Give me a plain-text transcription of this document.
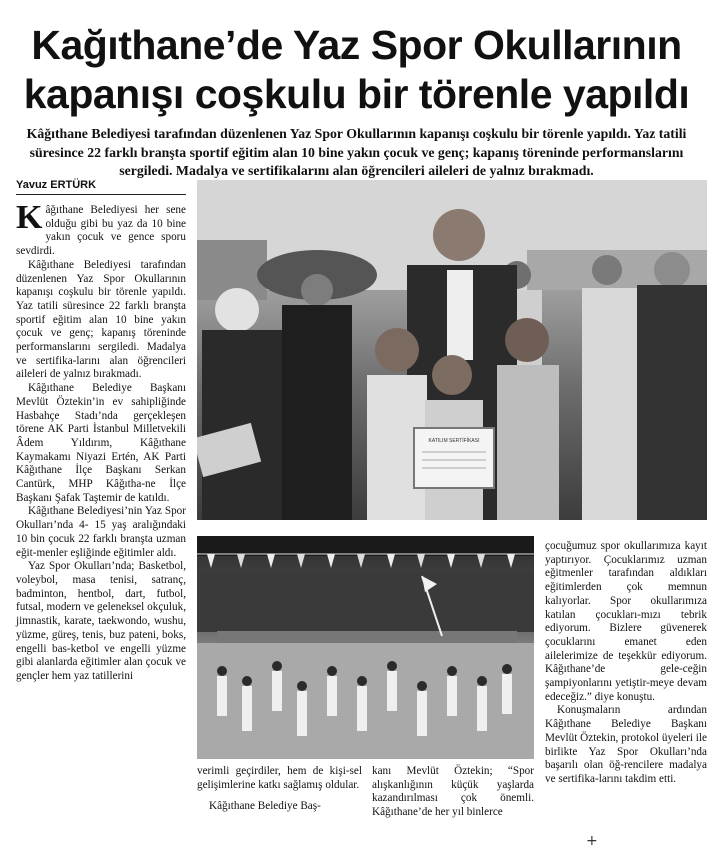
Kağıthane’de Yaz Spor Okullarının
kapanışı coşkulu bir törenle yapıldı

Kâğıthane Belediyesi tarafından düzenlenen Yaz Spor Okullarının kapanışı coşkulu bir törenle yapıldı. Yaz tatili süresince 22 farklı branşta sportif eğitim alan 10 bine yakın çocuk ve genç; kapanış töreninde performanslarını sergiledi. Madalya ve sertifikalarını alan öğrencileri aileleri de yalnız bırakmadı.

Yavuz ERTÜRK
K âğıthane Belediyesi her sene olduğu gibi bu yaz da 10 bine yakın çocuk ve gence sporu sevdirdi.

Kâğıthane Belediyesi tarafından düzenlenen Yaz Spor Okullarının kapanışı coşkulu bir törenle yapıldı. Yaz tatili süresince 22 farklı branşta sportif eğitim alan 10 bine yakın çocuk ve genç; kapanış töreninde performanslarını sergiledi. Madalya ve sertifika-larını alan öğrencileri aileleri de yalnız bırakmadı.

Kâğıthane Belediye Başkanı Mevlüt Öztekin’in ev sahipliğinde Hasbahçe Stadı’nda gerçekleşen törene AK Parti İstanbul Milletvekili Âdem Yıldırım, Kâğıthane Kaymakamı Niyazi Ertén, AK Parti Kâğıthane İlçe Başkanı Serkan Cantürk, MHP Kâğıtha-ne İlçe Başkanı Şafak Taştemir de katıldı.

Kâğıthane Belediyesi’nin Yaz Spor Okulları’nda 4- 15 yaş aralığındaki 10 bin çocuk 22 farklı branşta uzman eğit-menler eşliğinde eğitimler aldı.

Yaz Spor Okulları’nda; Basketbol, voleybol, masa tenisi, satranç, badminton, hentbol, dart, futbol, futsal, modern ve geleneksel okçuluk, jimnastik, karate, taekwondo, wushu, yüzme, güreş, tenis, buz pateni, boks, engelli bas-ketbol ve engelli yüzme gibi alanlarda eğitimler alan çocuk ve gençler hem yaz tatillerini

KATILIM SERTİFİKASI

verimli geçirdiler, hem de kişi-sel gelişimlerine katkı sağlamış oldular.

Kâğıthane Belediye Baş-

kanı Mevlüt Öztekin; “Spor alışkanlığının küçük yaşlarda kazandırılması çok önemli. Kâğıthane’de her yıl binlerce

çocuğumuz spor okullarımıza kayıt yaptırıyor. Çocuklarımız uzman eğitmenler tarafından aldıkları eğitimlerden çok memnun kalıyorlar. Spor okullarımıza katılan çocukları-mızı tebrik ediyorum. Bizlere güvenerek çocuklarını emanet eden ailelerimize de teşekkür ediyorum. Kâğıthane’de gele-ceğin şampiyonlarını yetiştir-meye devam edeceğiz.” diye konuştu.

Konuşmaların ardından Kâğıthane Belediye Başkanı Mevlüt Öztekin, protokol üyeleri ile birlikte Yaz Spor Okulları’nda başarılı olan öğ-rencilere madalya ve sertifika-larını takdim etti.

+
